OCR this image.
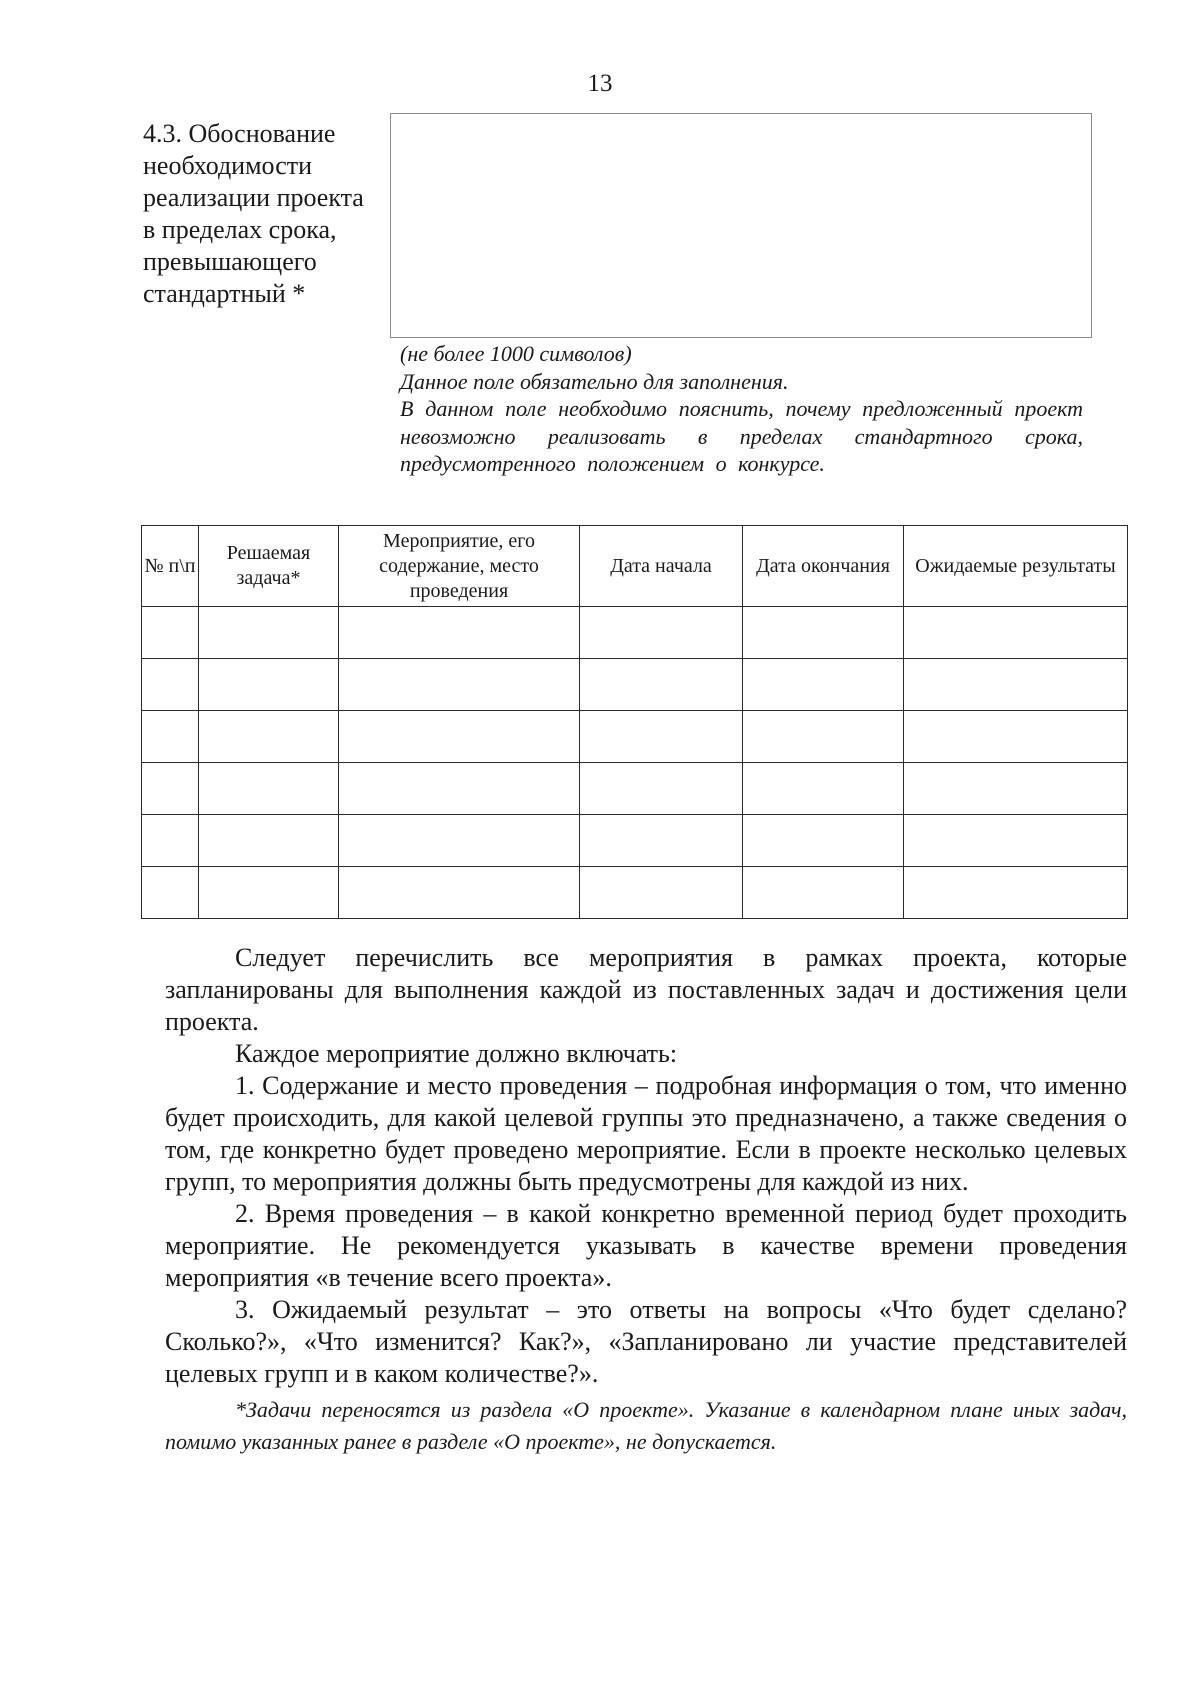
13
4.3. Обоснование
необходимости
реализации проекта
в пределах срока,
превышающего
стандартный *

(не более 1000 символов)

Данное поле обязательно для заполнения.

В данном поле необходимо пояснить, почему предложенный проект невозможно реализовать в пределах стандартного срока, предусмотренного положением о конкурсе.

№ п\п	Решаемая задача*	Мероприятие, его содержание, место проведения	Дата начала	Дата окончания	Ожидаемые результаты

Следует перечислить все мероприятия в рамках проекта, которые запланированы для выполнения каждой из поставленных задач и достижения цели проекта.

Каждое мероприятие должно включать:

1. Содержание и место проведения – подробная информация о том, что именно будет происходить, для какой целевой группы это предназначено, а также сведения о том, где конкретно будет проведено мероприятие. Если в проекте несколько целевых групп, то мероприятия должны быть предусмотрены для каждой из них.

2. Время проведения – в какой конкретно временной период будет проходить мероприятие. Не рекомендуется указывать в качестве времени проведения мероприятия «в течение всего проекта».

3. Ожидаемый результат – это ответы на вопросы «Что будет сделано? Сколько?», «Что изменится? Как?», «Запланировано ли участие представителей целевых групп и в каком количестве?».

*Задачи переносятся из раздела «О проекте». Указание в календарном плане иных задач, помимо указанных ранее в разделе «О проекте», не допускается.
